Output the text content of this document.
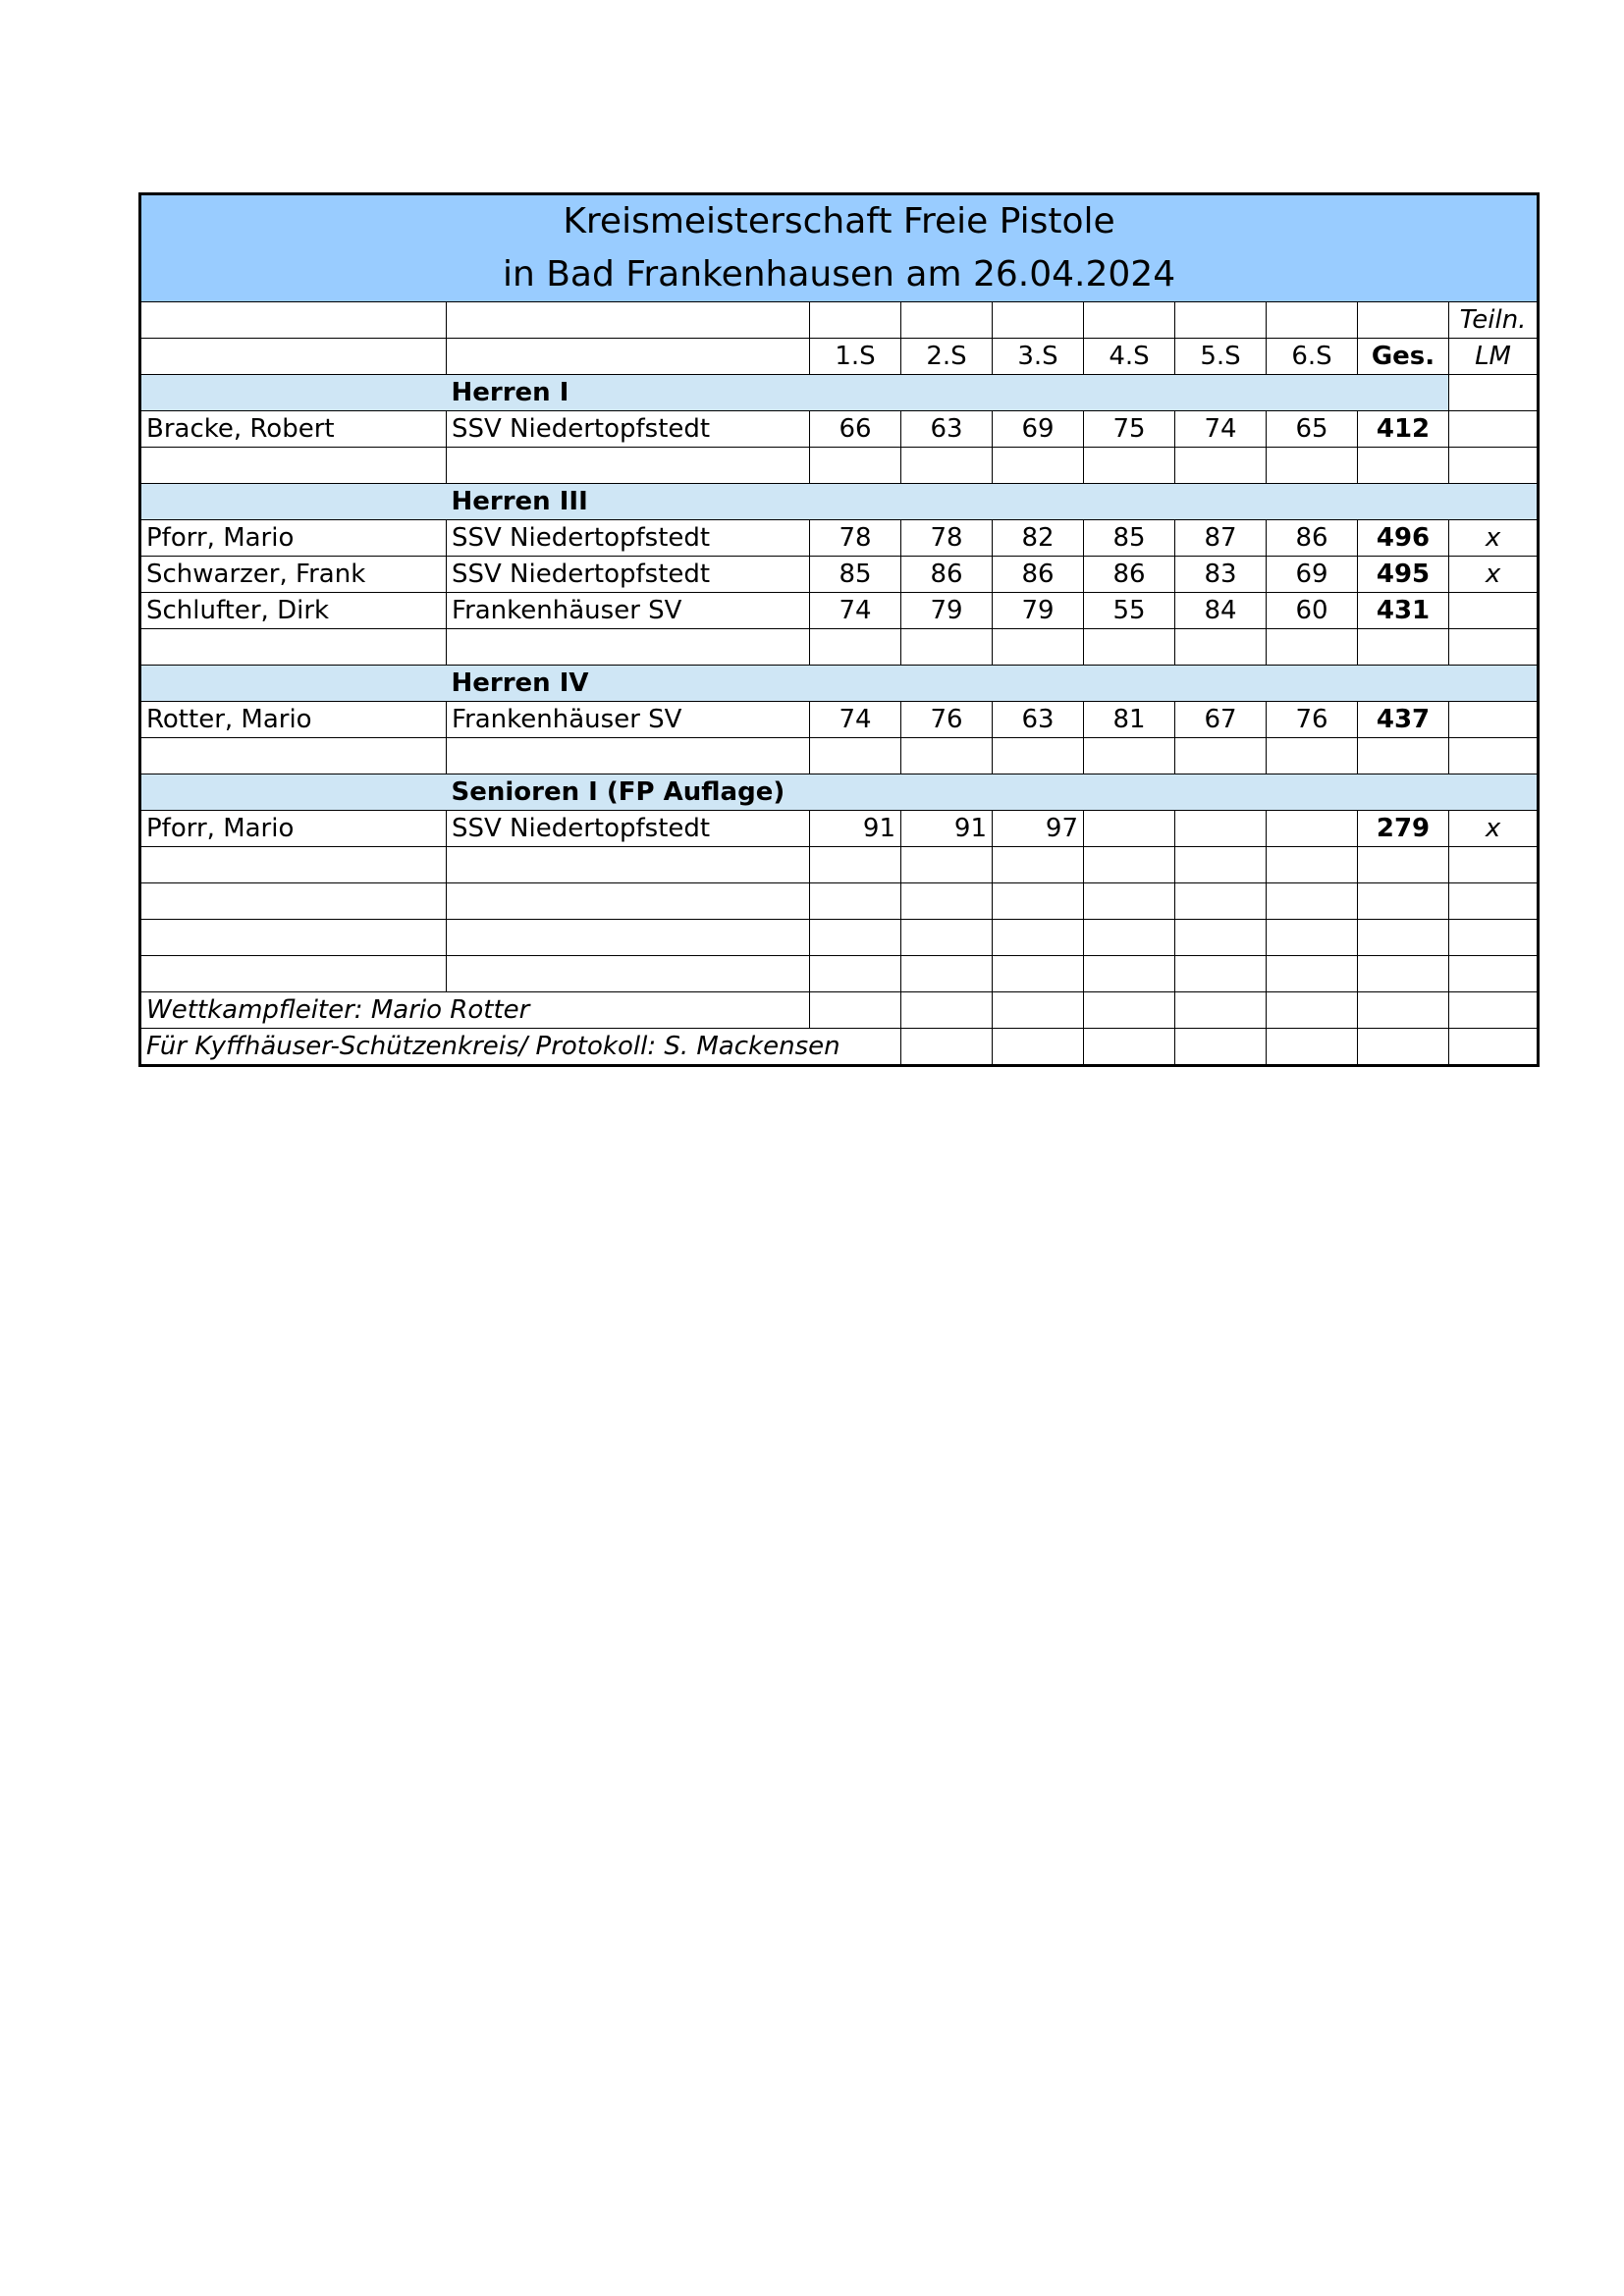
Kreismeisterschaft Freie Pistole
in Bad Frankenhausen am 26.04.2024									

									Teiln.
		1.S	2.S	3.S	4.S	5.S	6.S	Ges.	LM
	Herren I								
Bracke, Robert	SSV Niedertopfstedt	66	63	69	75	74	65	412	

	Herren III								
Pforr, Mario	SSV Niedertopfstedt	78	78	82	85	87	86	496	x
Schwarzer, Frank	SSV Niedertopfstedt	85	86	86	86	83	69	495	x
Schlufter, Dirk	Frankenhäuser SV	74	79	79	55	84	60	431	

	Herren IV								
Rotter, Mario	Frankenhäuser SV	74	76	63	81	67	76	437	

	Senioren I (FP Auflage)								
Pforr, Mario	SSV Niedertopfstedt	91	91	97				279	x

Wettkampfleiter: Mario Rotter									
Für Kyffhäuser-Schützenkreis/ Protokoll: S. Mackensen									
